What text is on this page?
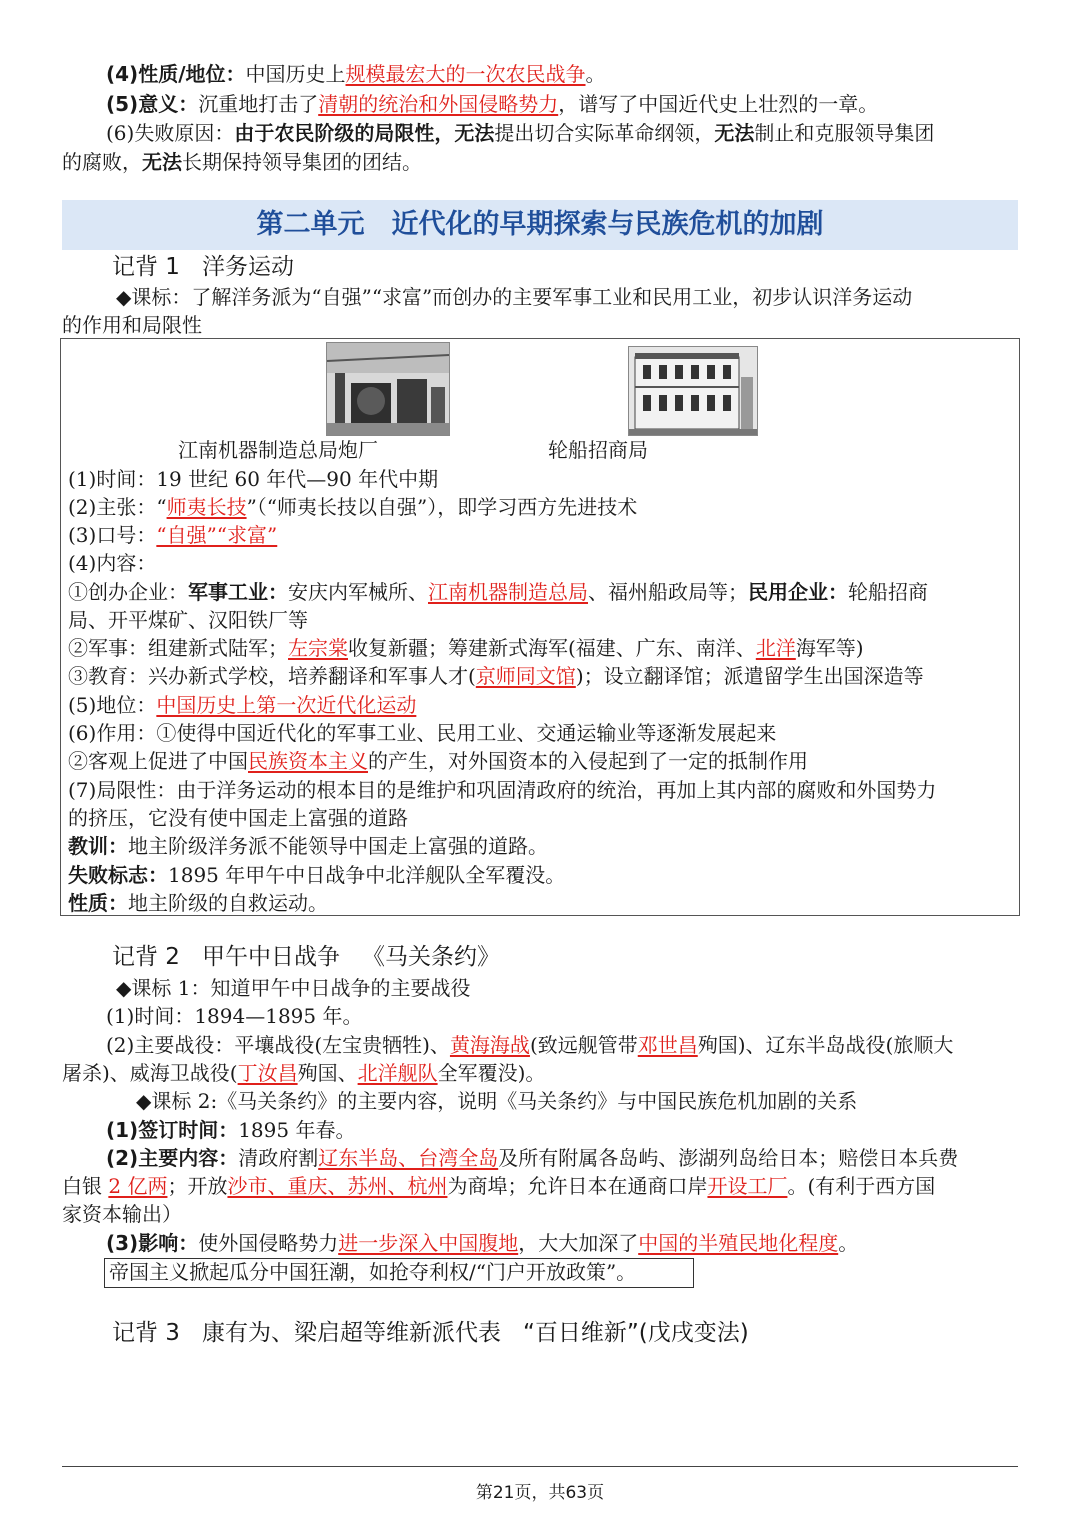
(4)性质/地位：中国历史上规模最宏大的一次农民战争。
(5)意义：沉重地打击了清朝的统治和外国侵略势力，谱写了中国近代史上壮烈的一章。
(6)失败原因：由于农民阶级的局限性，无法提出切合实际革命纲领，无法制止和克服领导集团
的腐败，无法长期保持领导集团的团结。
第二单元　近代化的早期探索与民族危机的加剧
记背 1 洋务运动
◆课标：了解洋务派为“自强”“求富”而创办的主要军事工业和民用工业，初步认识洋务运动
的作用和局限性
江南机器制造总局炮厂	轮船招商局
(1)时间：19 世纪 60 年代—90 年代中期
(2)主张：“师夷长技”（“师夷长技以自强”），即学习西方先进技术
(3)口号：“自强”“求富”
(4)内容：
①创办企业：军事工业：安庆内军械所、江南机器制造总局、福州船政局等；民用企业：轮船招商
局、开平煤矿、汉阳铁厂等
②军事：组建新式陆军；左宗棠收复新疆；筹建新式海军(福建、广东、南洋、北洋海军等)
③教育：兴办新式学校，培养翻译和军事人才(京师同文馆)；设立翻译馆；派遣留学生出国深造等
(5)地位：中国历史上第一次近代化运动
(6)作用：①使得中国近代化的军事工业、民用工业、交通运输业等逐渐发展起来
②客观上促进了中国民族资本主义的产生，对外国资本的入侵起到了一定的抵制作用
(7)局限性：由于洋务运动的根本目的是维护和巩固清政府的统治，再加上其内部的腐败和外国势力
的挤压，它没有使中国走上富强的道路
教训：地主阶级洋务派不能领导中国走上富强的道路。
失败标志：1895 年甲午中日战争中北洋舰队全军覆没。
性质：地主阶级的自救运动。
记背 2 甲午中日战争 《马关条约》
◆课标 1：知道甲午中日战争的主要战役
(1)时间：1894—1895 年。
(2)主要战役：平壤战役(左宝贵牺牲)、黄海海战(致远舰管带邓世昌殉国)、辽东半岛战役(旅顺大
屠杀)、威海卫战役(丁汝昌殉国、北洋舰队全军覆没)。
◆课标 2:《马关条约》的主要内容，说明《马关条约》与中国民族危机加剧的关系
(1)签订时间：1895 年春。
(2)主要内容：清政府割辽东半岛、台湾全岛及所有附属各岛屿、澎湖列岛给日本；赔偿日本兵费
白银 2 亿两；开放沙市、重庆、苏州、杭州为商埠；允许日本在通商口岸开设工厂。(有利于西方国
家资本输出）
(3)影响：使外国侵略势力进一步深入中国腹地，大大加深了中国的半殖民地化程度。
帝国主义掀起瓜分中国狂潮，如抢夺利权/“门户开放政策”。
记背 3 康有为、梁启超等维新派代表 “百日维新”(戊戌变法)
第21页，共63页
